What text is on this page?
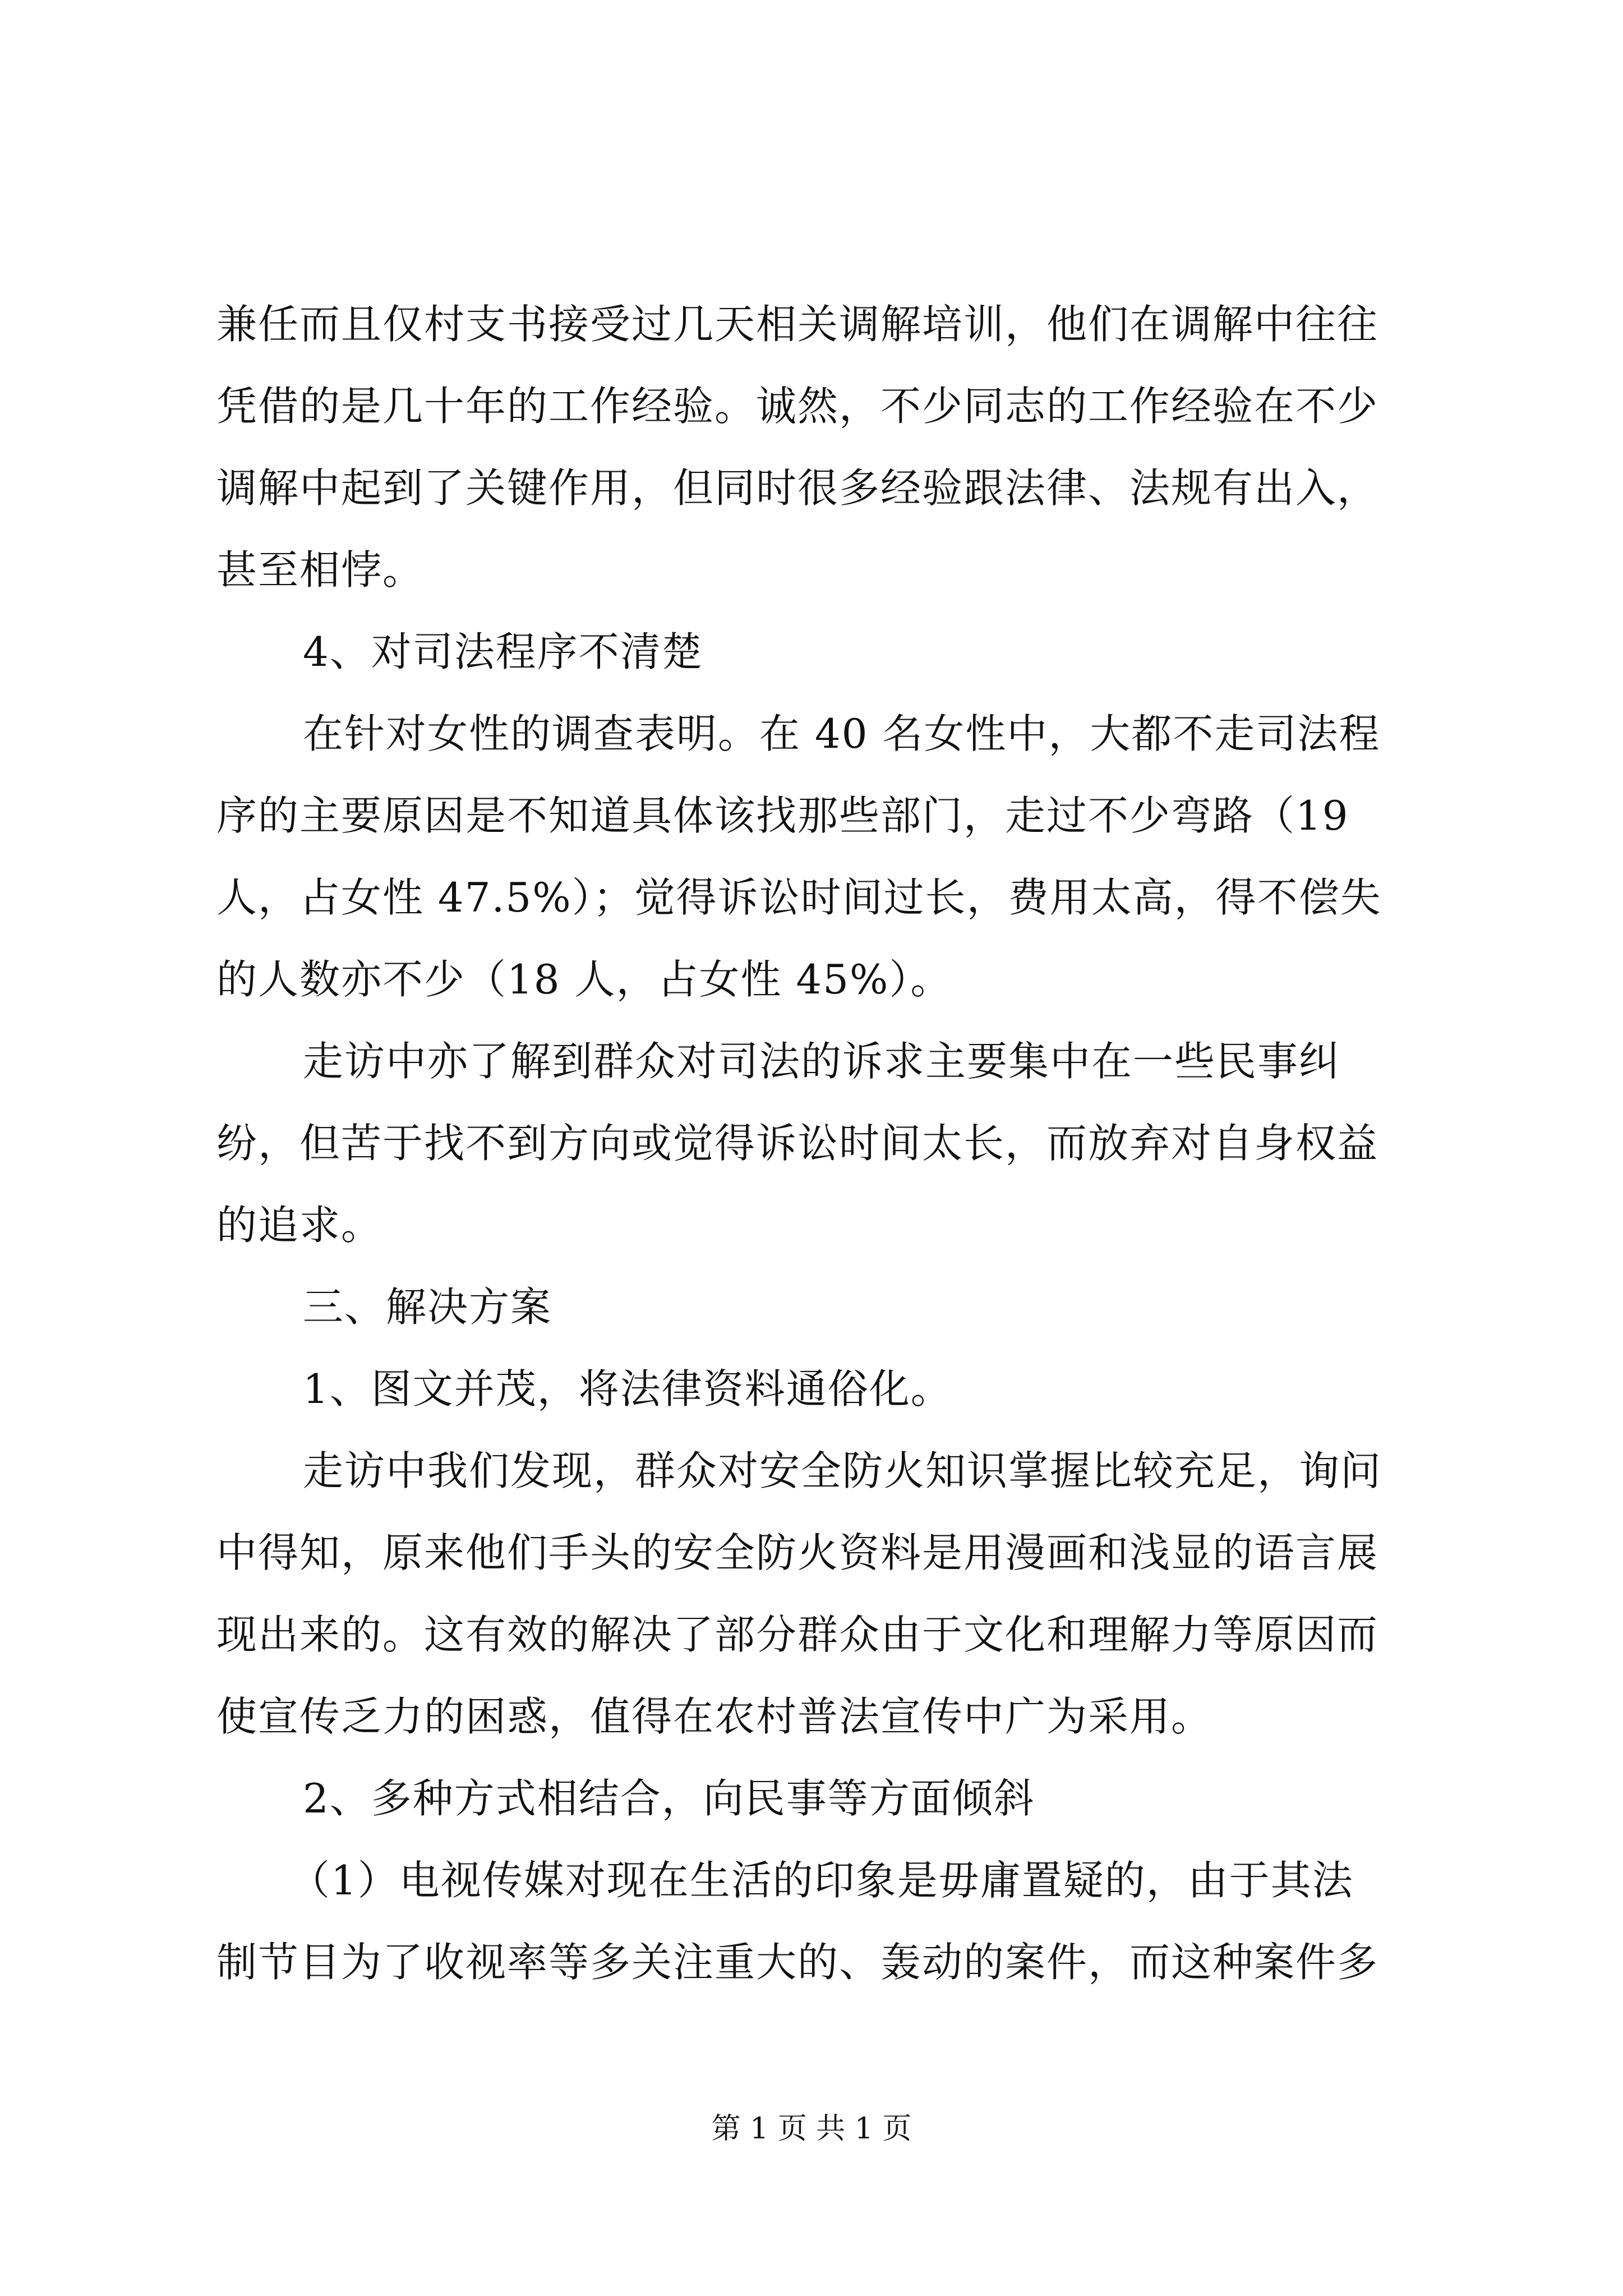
兼任而且仅村支书接受过几天相关调解培训，他们在调解中往往
凭借的是几十年的工作经验。诚然，不少同志的工作经验在不少
调解中起到了关键作用，但同时很多经验跟法律、法规有出入，
甚至相悖。
4、对司法程序不清楚
在针对女性的调查表明。在 40 名女性中，大都不走司法程
序的主要原因是不知道具体该找那些部门，走过不少弯路（19
人，占女性 47.5%）；觉得诉讼时间过长，费用太高，得不偿失
的人数亦不少（18 人，占女性 45%）。
走访中亦了解到群众对司法的诉求主要集中在一些民事纠
纷，但苦于找不到方向或觉得诉讼时间太长，而放弃对自身权益
的追求。
三、解决方案
1、图文并茂，将法律资料通俗化。
走访中我们发现，群众对安全防火知识掌握比较充足，询问
中得知，原来他们手头的安全防火资料是用漫画和浅显的语言展
现出来的。这有效的解决了部分群众由于文化和理解力等原因而
使宣传乏力的困惑，值得在农村普法宣传中广为采用。
2、多种方式相结合，向民事等方面倾斜
（1）电视传媒对现在生活的印象是毋庸置疑的，由于其法
制节目为了收视率等多关注重大的、轰动的案件，而这种案件多
第 1 页 共 1 页
